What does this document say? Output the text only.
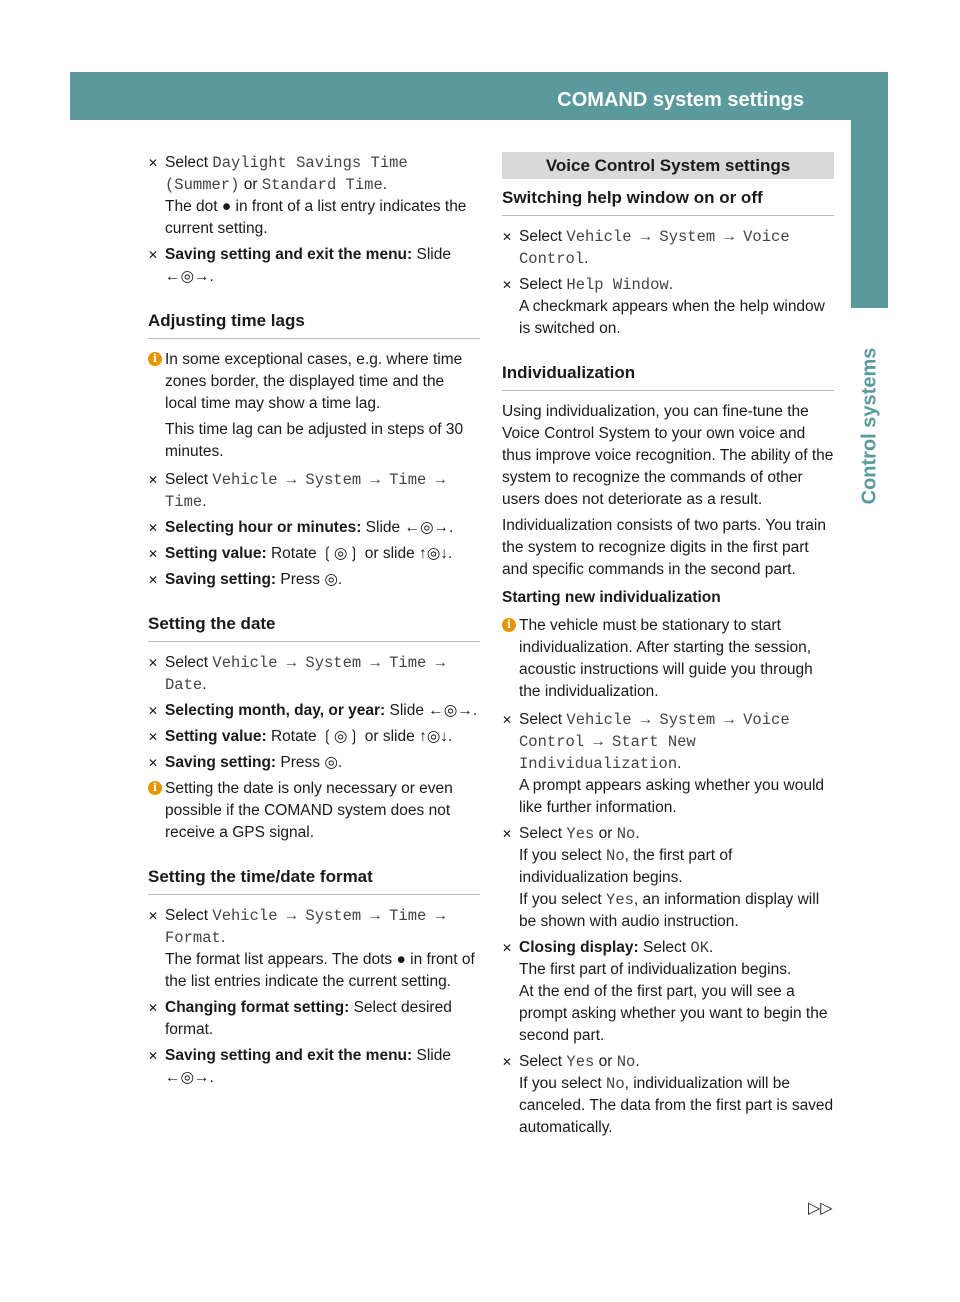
COMAND system settings	93
Control systems
✕ Select Daylight Savings Time (Summer) or Standard Time.

The dot ● in front of a list entry indicates the current setting.

✕ Saving setting and exit the menu: Slide ←◎→.

Adjusting time lags
i In some exceptional cases, e.g. where time zones border, the displayed time and the local time may show a time lag.

This time lag can be adjusted in steps of 30 minutes.

✕ Select Vehicle → System → Time → Time.

✕ Selecting hour or minutes: Slide ←◎→.

✕ Setting value: Rotate ❲◎❳ or slide ↑◎↓.

✕ Saving setting: Press ◎.

Setting the date
✕ Select Vehicle → System → Time → Date.

✕ Selecting month, day, or year: Slide ←◎→.

✕ Setting value: Rotate ❲◎❳ or slide ↑◎↓.

✕ Saving setting: Press ◎.

i Setting the date is only necessary or even possible if the COMAND system does not receive a GPS signal.

Setting the time/date format
✕ Select Vehicle → System → Time → Format.

The format list appears. The dots ● in front of the list entries indicate the current setting.

✕ Changing format setting: Select desired format.

✕ Saving setting and exit the menu: Slide ←◎→.

Voice Control System settings
Switching help window on or off
✕ Select Vehicle → System → Voice Control.

✕ Select Help Window.

A checkmark appears when the help window is switched on.

Individualization

Using individualization, you can fine-tune the Voice Control System to your own voice and thus improve voice recognition. The ability of the system to recognize the commands of other users does not deteriorate as a result.

Individualization consists of two parts. You train the system to recognize digits in the first part and specific commands in the second part.

Starting new individualization
i The vehicle must be stationary to start individualization. After starting the session, acoustic instructions will guide you through the individualization.

✕ Select Vehicle → System → Voice Control → Start New Individualization.

A prompt appears asking whether you would like further information.

✕ Select Yes or No.

If you select No, the first part of individualization begins.

If you select Yes, an information display will be shown with audio instruction.

✕ Closing display: Select OK.

The first part of individualization begins.

At the end of the first part, you will see a prompt asking whether you want to begin the second part.

✕ Select Yes or No.

If you select No, individualization will be canceled. The data from the first part is saved automatically.

▷▷
